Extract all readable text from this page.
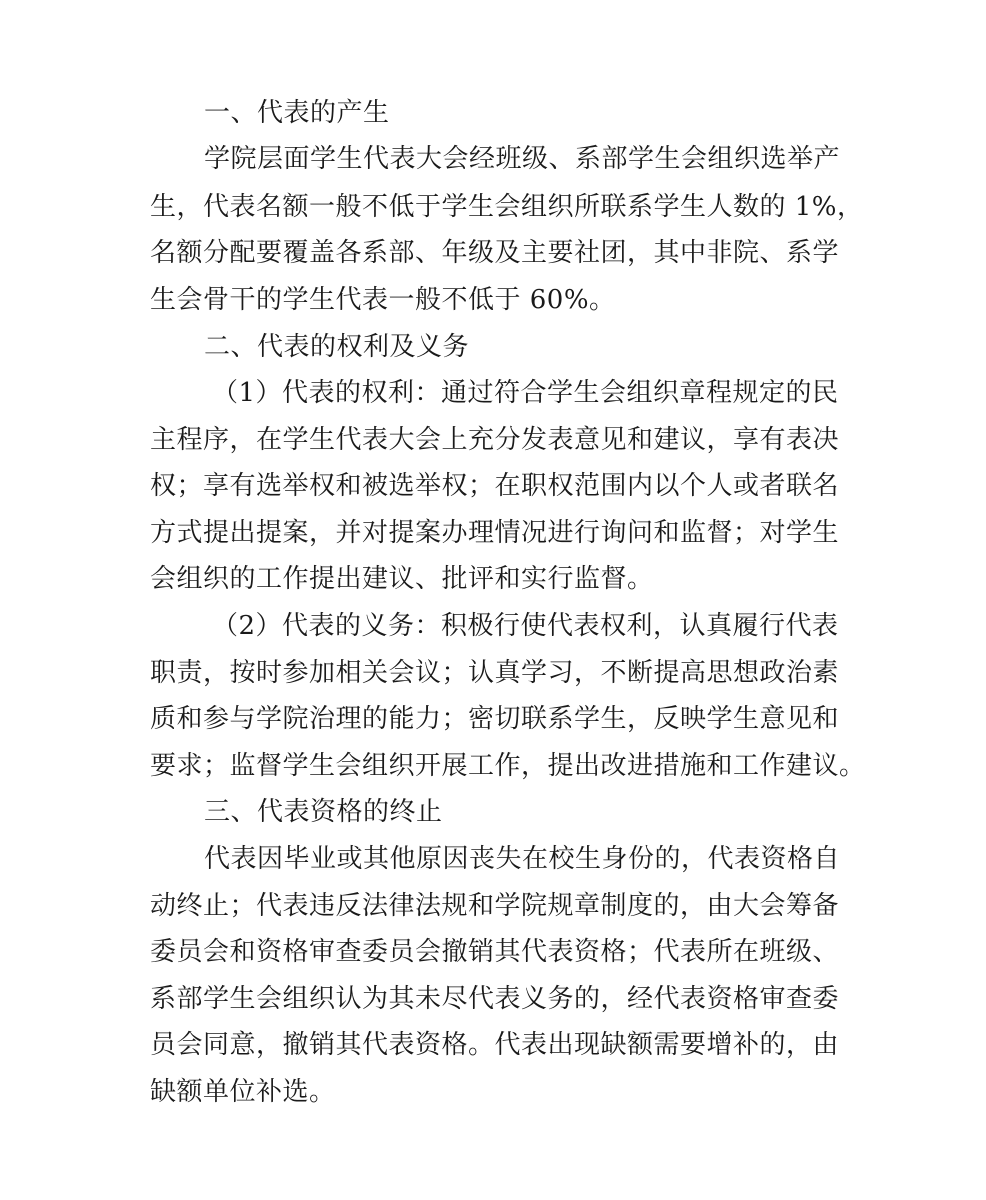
一、代表的产生

学院层面学生代表大会经班级、系部学生会组织选举产

生，代表名额一般不低于学生会组织所联系学生人数的 1%，

名额分配要覆盖各系部、年级及主要社团，其中非院、系学

生会骨干的学生代表一般不低于 60%。

二、代表的权利及义务

（1）代表的权利：通过符合学生会组织章程规定的民

主程序，在学生代表大会上充分发表意见和建议，享有表决

权；享有选举权和被选举权；在职权范围内以个人或者联名

方式提出提案，并对提案办理情况进行询问和监督；对学生

会组织的工作提出建议、批评和实行监督。

（2）代表的义务：积极行使代表权利，认真履行代表

职责，按时参加相关会议；认真学习，不断提高思想政治素

质和参与学院治理的能力；密切联系学生，反映学生意见和

要求；监督学生会组织开展工作，提出改进措施和工作建议。

三、代表资格的终止

代表因毕业或其他原因丧失在校生身份的，代表资格自

动终止；代表违反法律法规和学院规章制度的，由大会筹备

委员会和资格审查委员会撤销其代表资格；代表所在班级、

系部学生会组织认为其未尽代表义务的，经代表资格审查委

员会同意，撤销其代表资格。代表出现缺额需要增补的，由

缺额单位补选。
